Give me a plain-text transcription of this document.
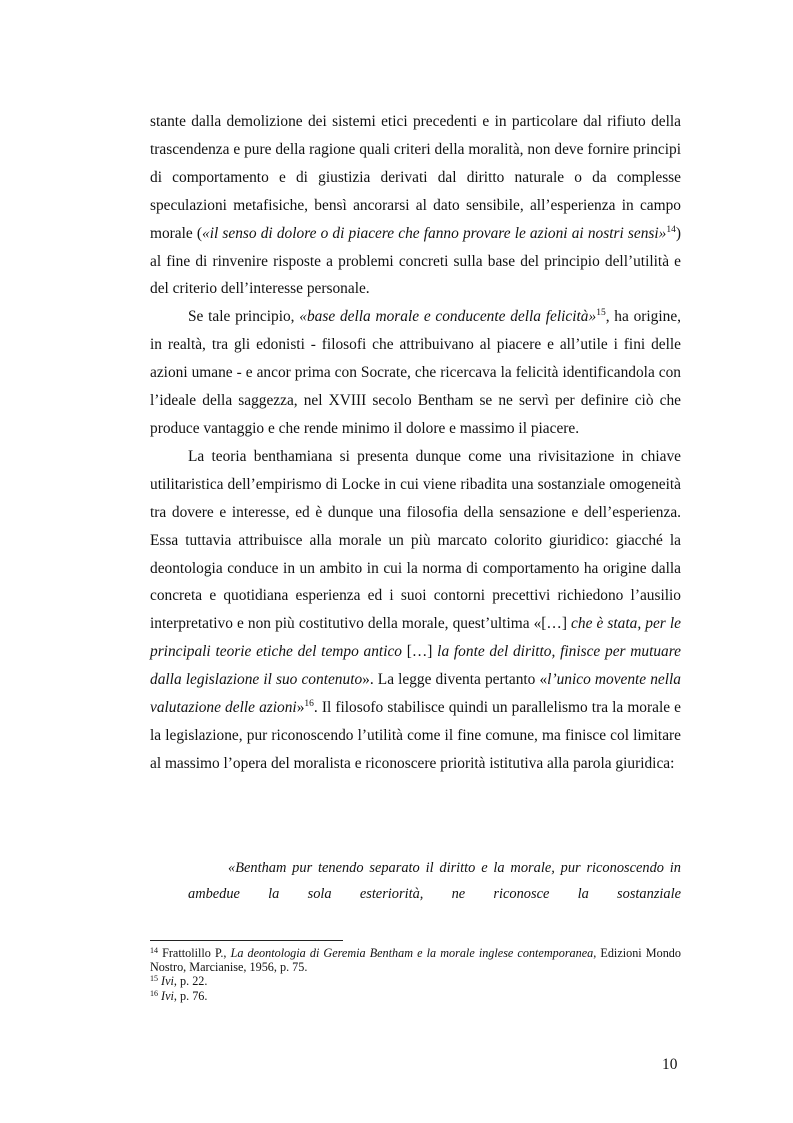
stante dalla demolizione dei sistemi etici precedenti e in particolare dal rifiuto della trascendenza e pure della ragione quali criteri della moralità, non deve fornire principi di comportamento e di giustizia derivati dal diritto naturale o da complesse speculazioni metafisiche, bensì ancorarsi al dato sensibile, all’esperienza in campo morale («il senso di dolore o di piacere che fanno provare le azioni ai nostri sensi»$^{14}$) al fine di rinvenire risposte a problemi concreti sulla base del principio dell’utilità e del criterio dell’interesse personale.

Se tale principio, «base della morale e conducente della felicità»$^{15}$, ha origine, in realtà, tra gli edonisti - filosofi che attribuivano al piacere e all’utile i fini delle azioni umane - e ancor prima con Socrate, che ricercava la felicità identificandola con l’ideale della saggezza, nel XVIII secolo Bentham se ne servì per definire ciò che produce vantaggio e che rende minimo il dolore e massimo il piacere.

La teoria benthamiana si presenta dunque come una rivisitazione in chiave utilitaristica dell’empirismo di Locke in cui viene ribadita una sostanziale omogeneità tra dovere e interesse, ed è dunque una filosofia della sensazione e dell’esperienza. Essa tuttavia attribuisce alla morale un più marcato colorito giuridico: giacché la deontologia conduce in un ambito in cui la norma di comportamento ha origine dalla concreta e quotidiana esperienza ed i suoi contorni precettivi richiedono l’ausilio interpretativo e non più costitutivo della morale, quest’ultima «[…] che è stata, per le principali teorie etiche del tempo antico […] la fonte del diritto, finisce per mutuare dalla legislazione il suo contenuto». La legge diventa pertanto «l’unico movente nella valutazione delle azioni»$^{16}$. Il filosofo stabilisce quindi un parallelismo tra la morale e la legislazione, pur riconoscendo l’utilità come il fine comune, ma finisce col limitare al massimo l’opera del moralista e riconoscere priorità istitutiva alla parola giuridica:

«Bentham pur tenendo separato il diritto e la morale, pur riconoscendo in ambedue la sola esteriorità, ne riconosce la sostanziale

$^{14}$ Frattolillo P., La deontologia di Geremia Bentham e la morale inglese contemporanea, Edizioni Mondo Nostro, Marcianise, 1956, p. 75.

$^{15}$ Ivi, p. 22.

$^{16}$ Ivi, p. 76.

10
